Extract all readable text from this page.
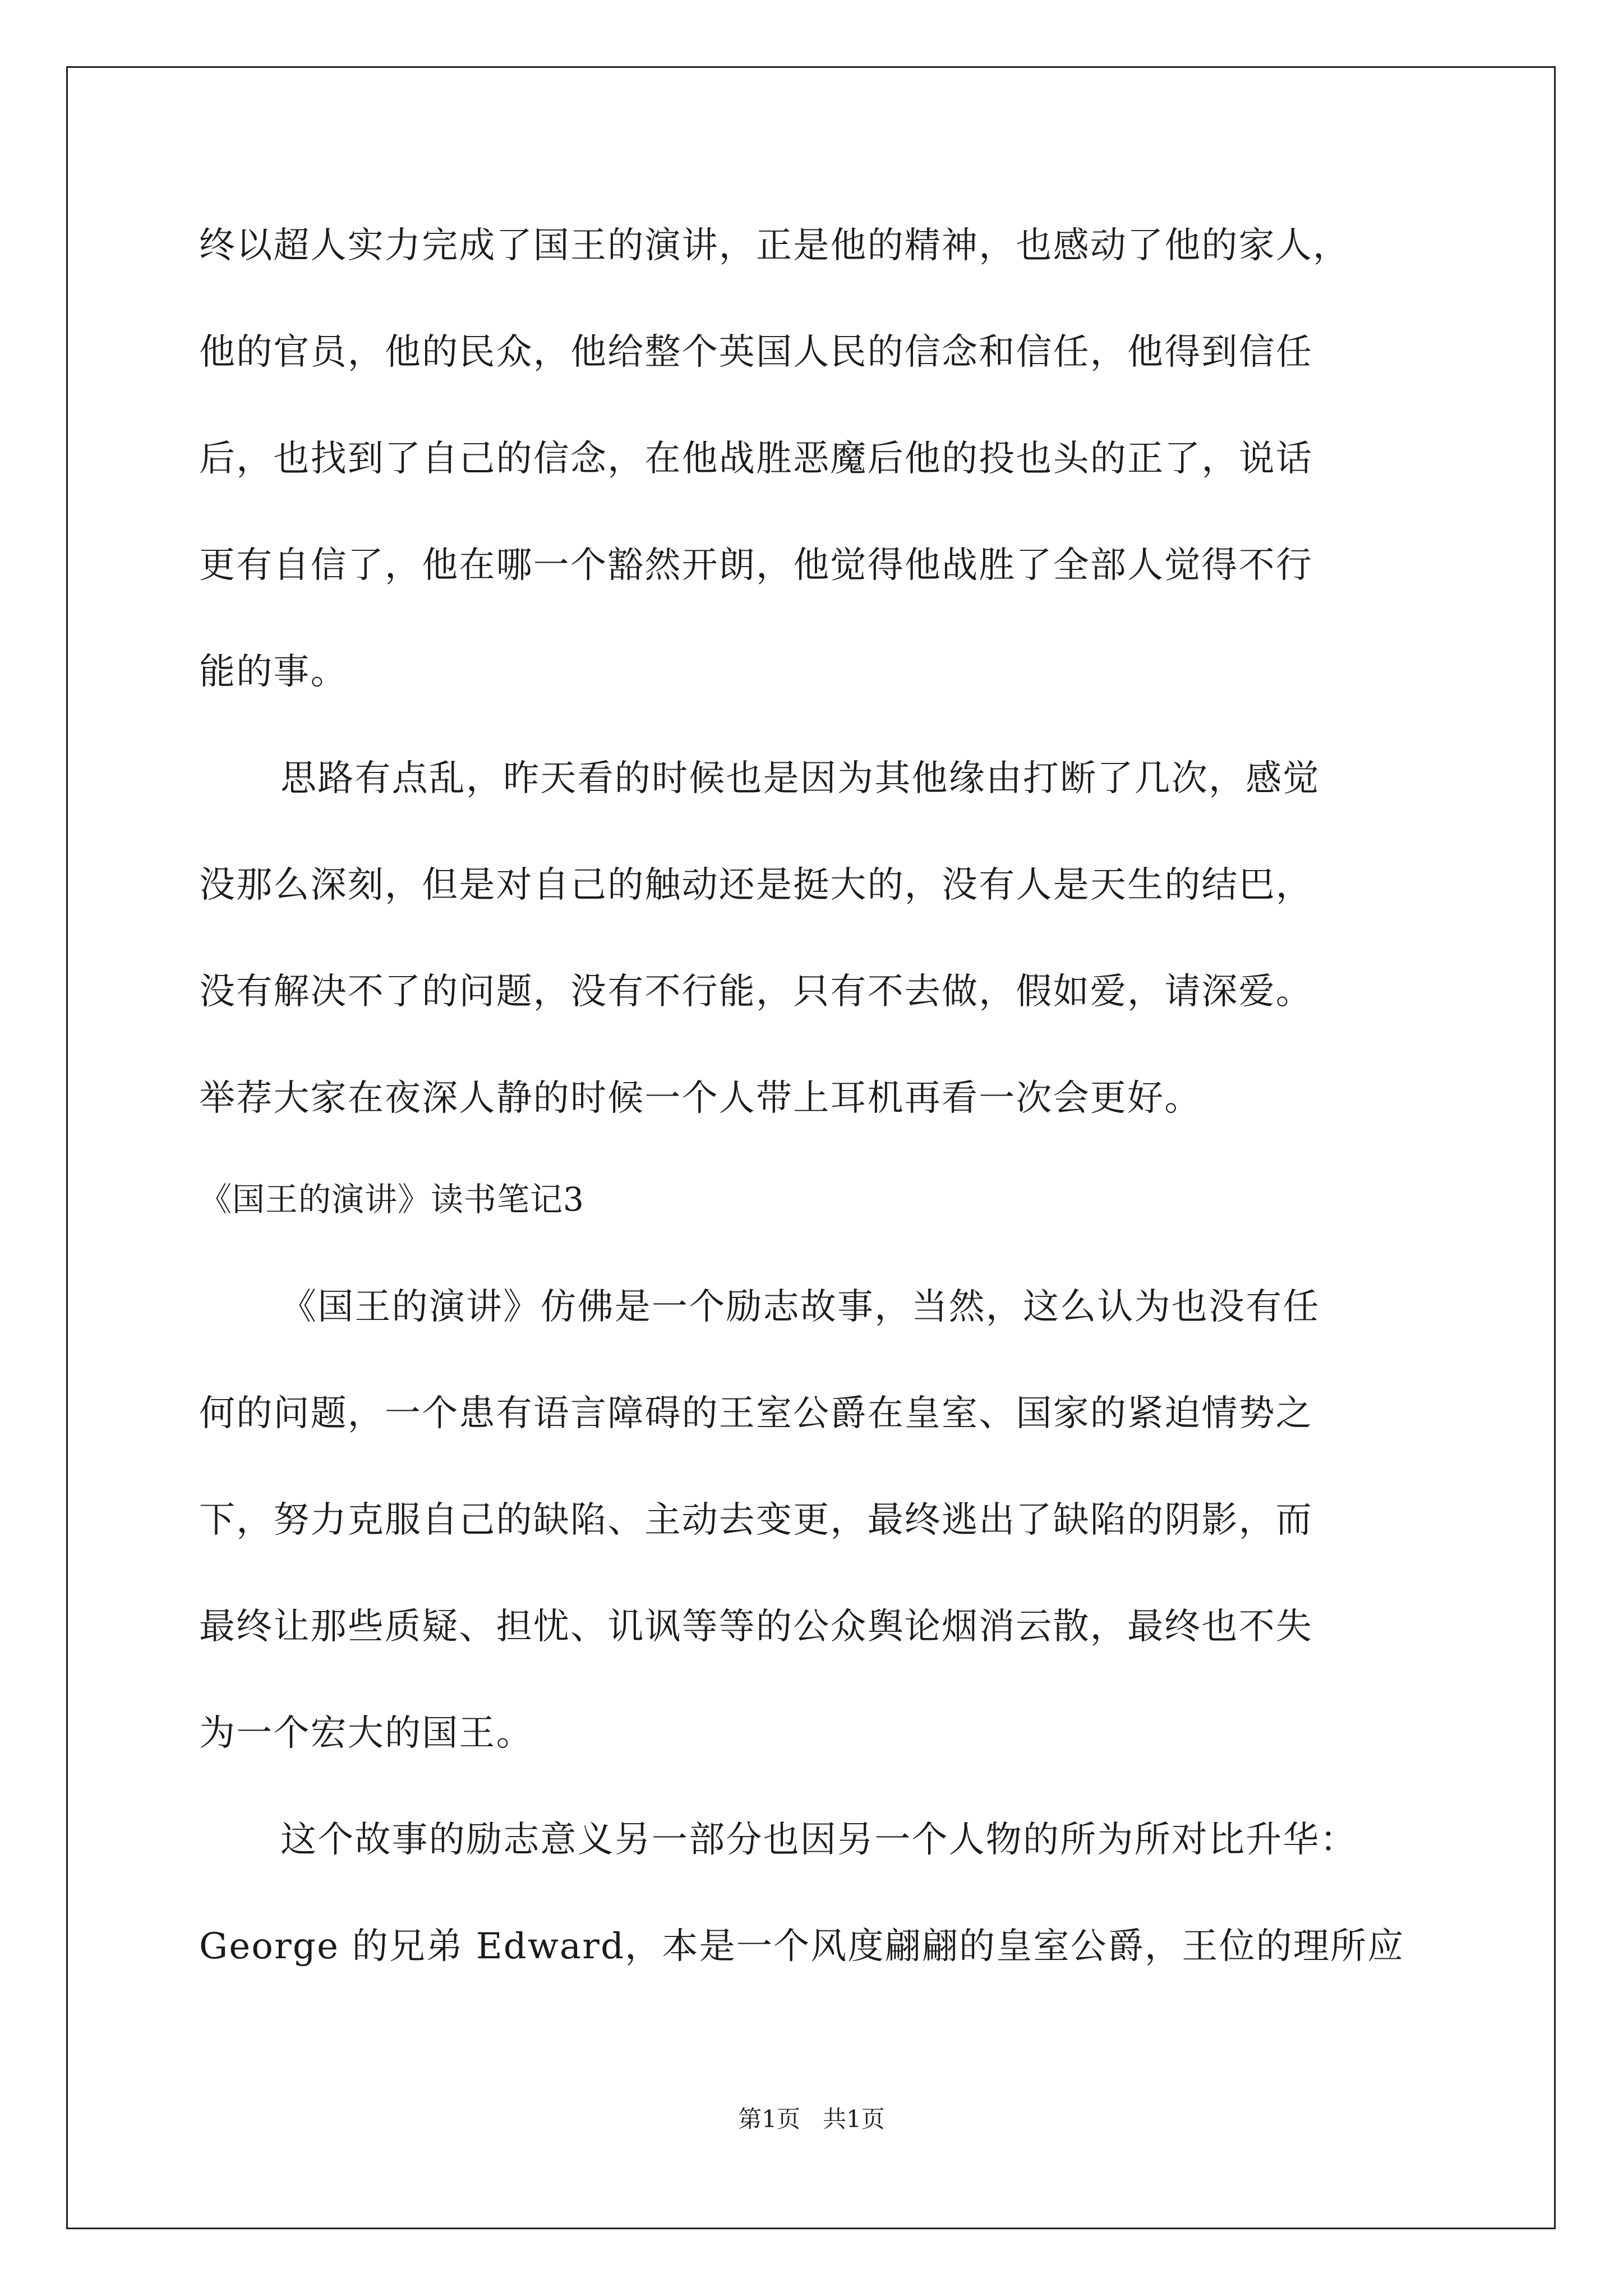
终以超人实力完成了国王的演讲，正是他的精神，也感动了他的家人，

他的官员，他的民众，他给整个英国人民的信念和信任，他得到信任

后，也找到了自己的信念，在他战胜恶魔后他的投也头的正了，说话

更有自信了，他在哪一个豁然开朗，他觉得他战胜了全部人觉得不行

能的事。

思路有点乱，昨天看的时候也是因为其他缘由打断了几次，感觉

没那么深刻，但是对自己的触动还是挺大的，没有人是天生的结巴，

没有解决不了的问题，没有不行能，只有不去做，假如爱，请深爱。

举荐大家在夜深人静的时候一个人带上耳机再看一次会更好。

《国王的演讲》读书笔记3

《国王的演讲》仿佛是一个励志故事，当然，这么认为也没有任

何的问题，一个患有语言障碍的王室公爵在皇室、国家的紧迫情势之

下，努力克服自己的缺陷、主动去变更，最终逃出了缺陷的阴影，而

最终让那些质疑、担忧、讥讽等等的公众舆论烟消云散，最终也不失

为一个宏大的国王。

这个故事的励志意义另一部分也因另一个人物的所为所对比升华：

George 的兄弟 Edward，本是一个风度翩翩的皇室公爵，王位的理所应

第1页   共1页
